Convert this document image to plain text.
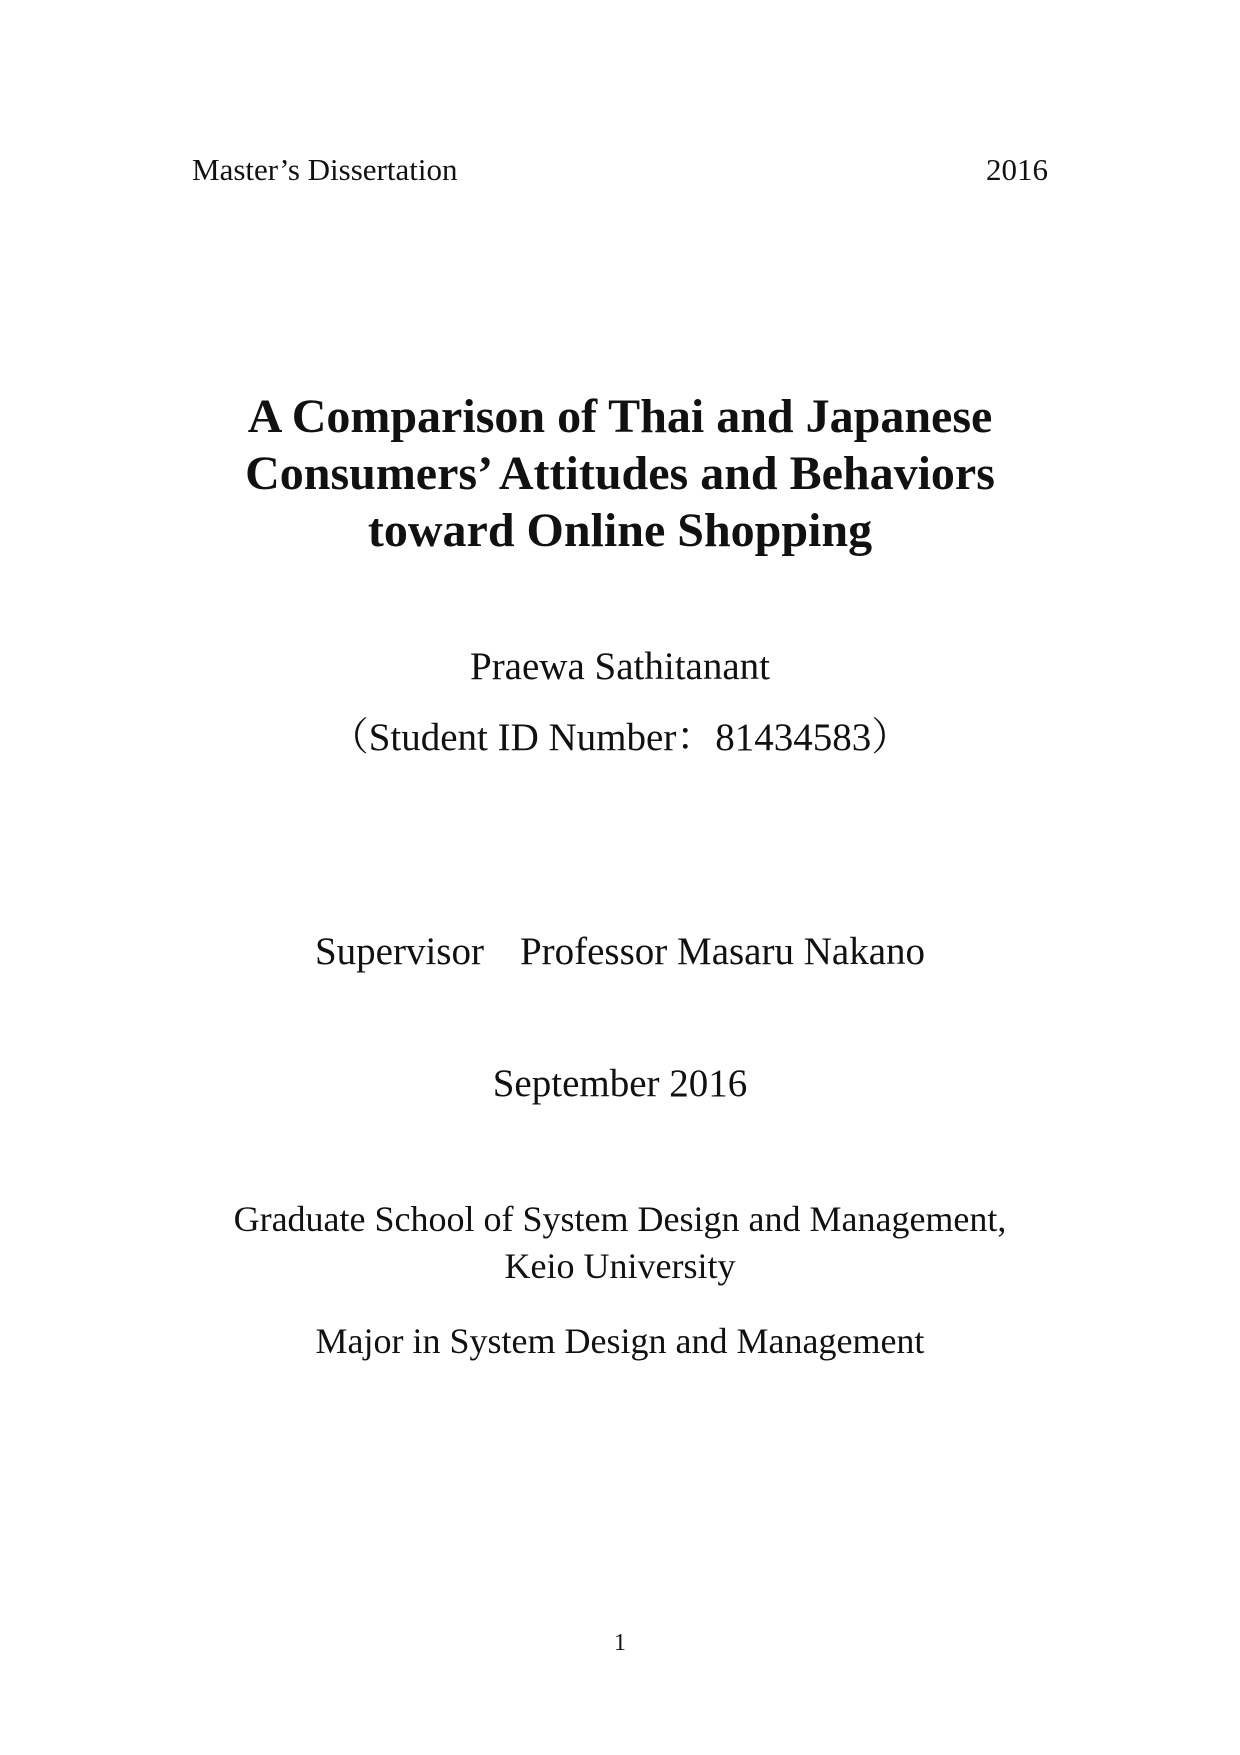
Master’s Dissertation	2016
A Comparison of Thai and Japanese
Consumers’ Attitudes and Behaviors
toward Online Shopping
Praewa Sathitanant
（Student ID Number：81434583）
Supervisor Professor Masaru Nakano
September 2016
Graduate School of System Design and Management,
Keio University
Major in System Design and Management
1
